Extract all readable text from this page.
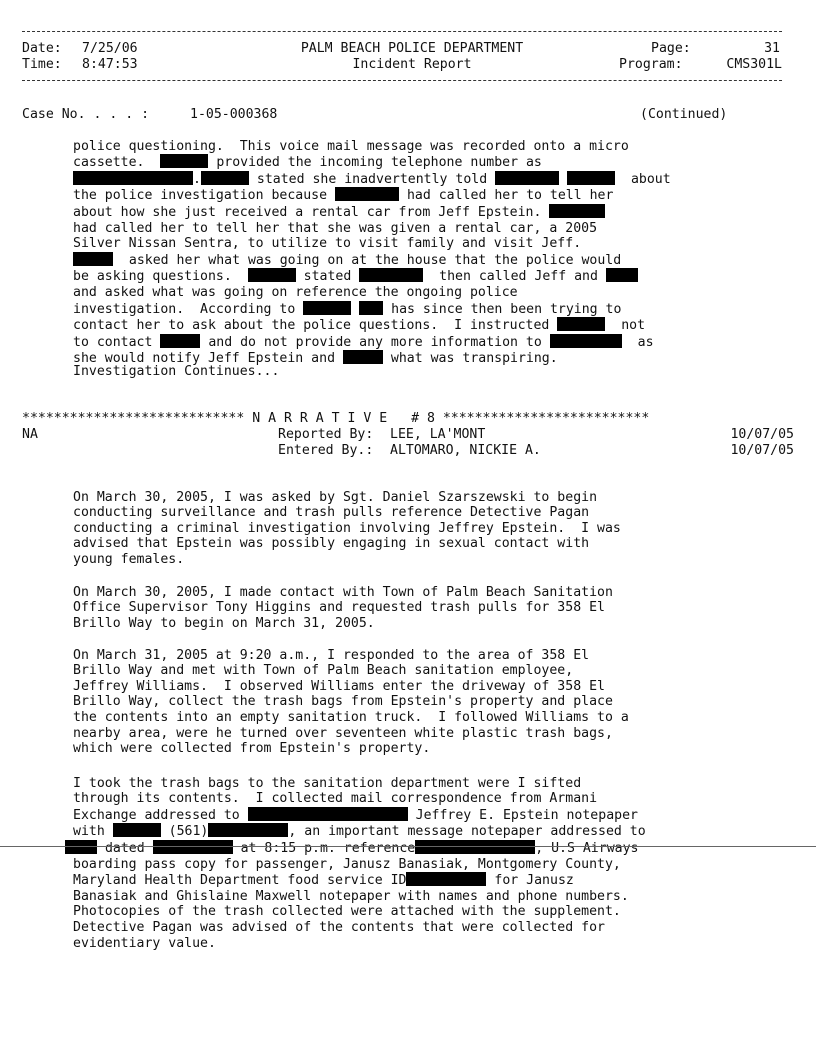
Date: 7/25/06
Time: 8:47:53
PALM BEACH POLICE DEPARTMENT
Incident Report
Page:	31
Program:	CMS301L
Case No. . . . :	1-05-000368	(Continued)

police questioning.  This voice mail message was recorded onto a micro
cassette.	provided the incoming telephone number as
.	stated she inadvertently told	about
the police investigation because	had called her to tell her
about how she just received a rental car from Jeff Epstein.
had called her to tell her that she was given a rental car, a 2005
Silver Nissan Sentra, to utilize to visit family and visit Jeff.
asked her what was going on at the house that the police would
be asking questions.	stated	then called Jeff and
and asked what was going on reference the ongoing police
investigation.  According to	has since then been trying to
contact her to ask about the police questions.  I instructed	not
to contact	and do not provide any more information to	as
she would notify Jeff Epstein and	what was transpiring.

Investigation Continues...
**************************** N A R R A T I V E # 8 **************************
NA	Reported By: LEE, LA'MONT	10/07/05
Entered By.: ALTOMARO, NICKIE A.	10/07/05

On March 30, 2005, I was asked by Sgt. Daniel Szarszewski to begin
conducting surveillance and trash pulls reference Detective Pagan
conducting a criminal investigation involving Jeffrey Epstein.  I was
advised that Epstein was possibly engaging in sexual contact with
young females.

On March 30, 2005, I made contact with Town of Palm Beach Sanitation
Office Supervisor Tony Higgins and requested trash pulls for 358 El
Brillo Way to begin on March 31, 2005.

On March 31, 2005 at 9:20 a.m., I responded to the area of 358 El
Brillo Way and met with Town of Palm Beach sanitation employee,
Jeffrey Williams.  I observed Williams enter the driveway of 358 El
Brillo Way, collect the trash bags from Epstein's property and place
the contents into an empty sanitation truck.  I followed Williams to a
nearby area, were he turned over seventeen white plastic trash bags,
which were collected from Epstein's property.

I took the trash bags to the sanitation department were I sifted
through its contents.  I collected mail correspondence from Armani
Exchange addressed to	Jeffrey E. Epstein notepaper
with	(561)	, an important message notepaper addressed to
dated	at 8:15 p.m. reference	, U.S Airways
boarding pass copy for passenger, Janusz Banasiak, Montgomery County,
Maryland Health Department food service ID	for Janusz
Banasiak and Ghislaine Maxwell notepaper with names and phone numbers.
Photocopies of the trash collected were attached with the supplement.
Detective Pagan was advised of the contents that were collected for
evidentiary value.
